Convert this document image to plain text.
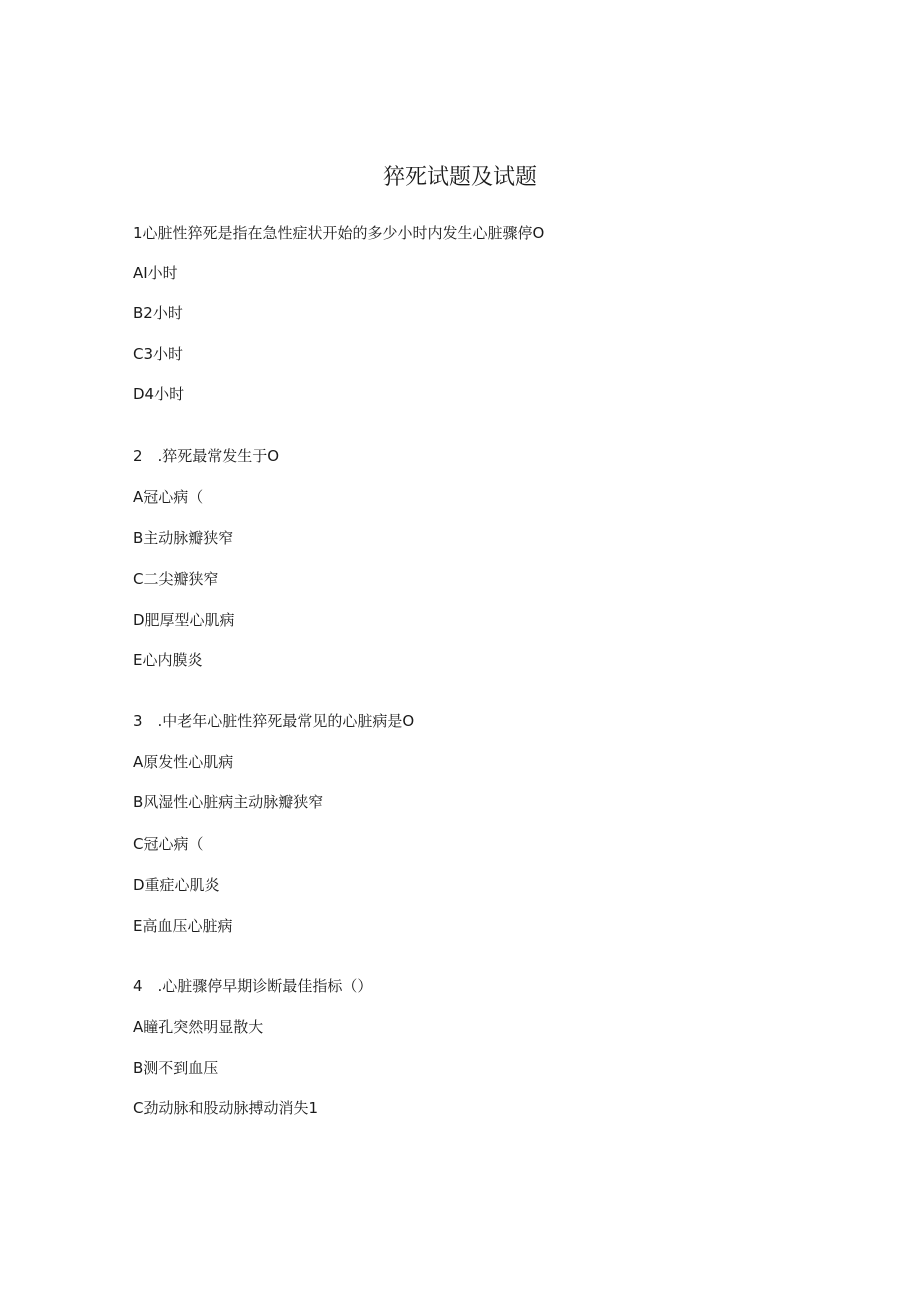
猝死试题及试题
1心脏性猝死是指在急性症状开始的多少小时内发生心脏骤停O
AI小时
B2小时
C3小时
D4小时
2　.猝死最常发生于O
A冠心病（
B主动脉瓣狭窄
C二尖瓣狭窄
D肥厚型心肌病
E心内膜炎
3　.中老年心脏性猝死最常见的心脏病是O
A原发性心肌病
B风湿性心脏病主动脉瓣狭窄
C冠心病（
D重症心肌炎
E高血压心脏病
4　.心脏骤停早期诊断最佳指标（）
A瞳孔突然明显散大
B测不到血压
C劲动脉和股动脉搏动消失1
